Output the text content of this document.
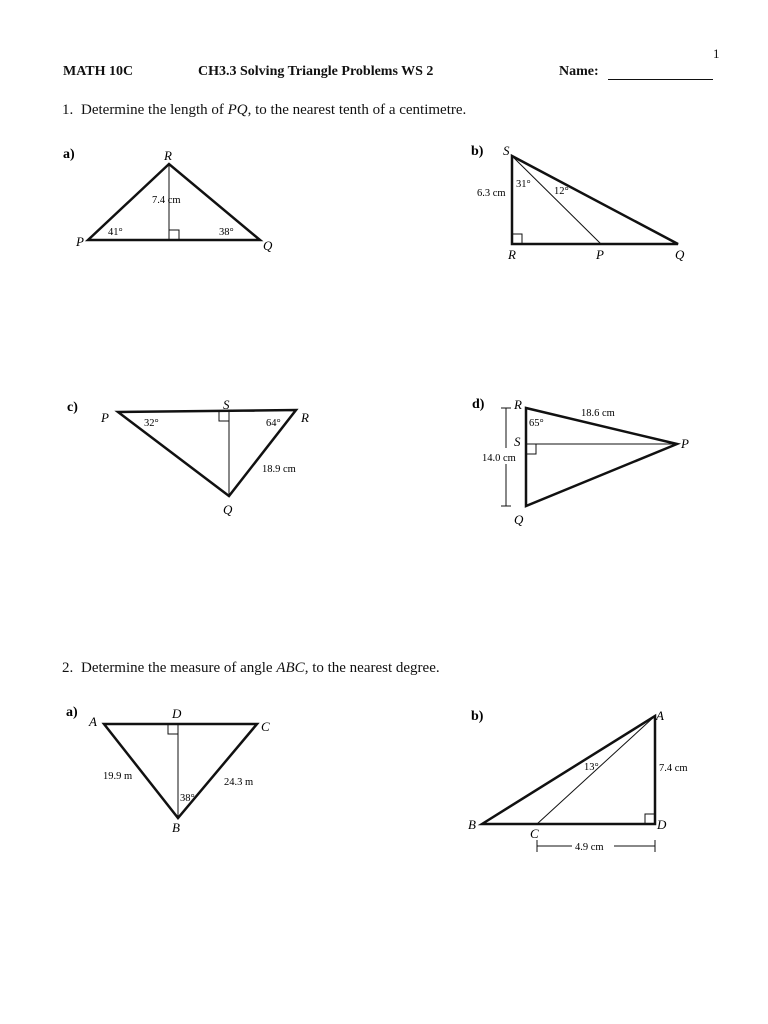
1
MATH 10C	CH3.3 Solving Triangle Problems WS 2	Name:
1. Determine the length of PQ, to the nearest tenth of a centimetre.
2. Determine the measure of angle ABC, to the nearest degree.
a)	R
P	Q
7.4 cm
41°	38°
b) S
R	P	Q
6.3 cm
31°
12°
c)
P
S
R
Q
32°	64°
18.9 cm
d) R
S
Q
P
18.6 cm
65°
14.0 cm
a)
A
D
C
B
19.9 m
24.3 m
38°
b)	A
B
C
D
13°	7.4 cm
4.9 cm
